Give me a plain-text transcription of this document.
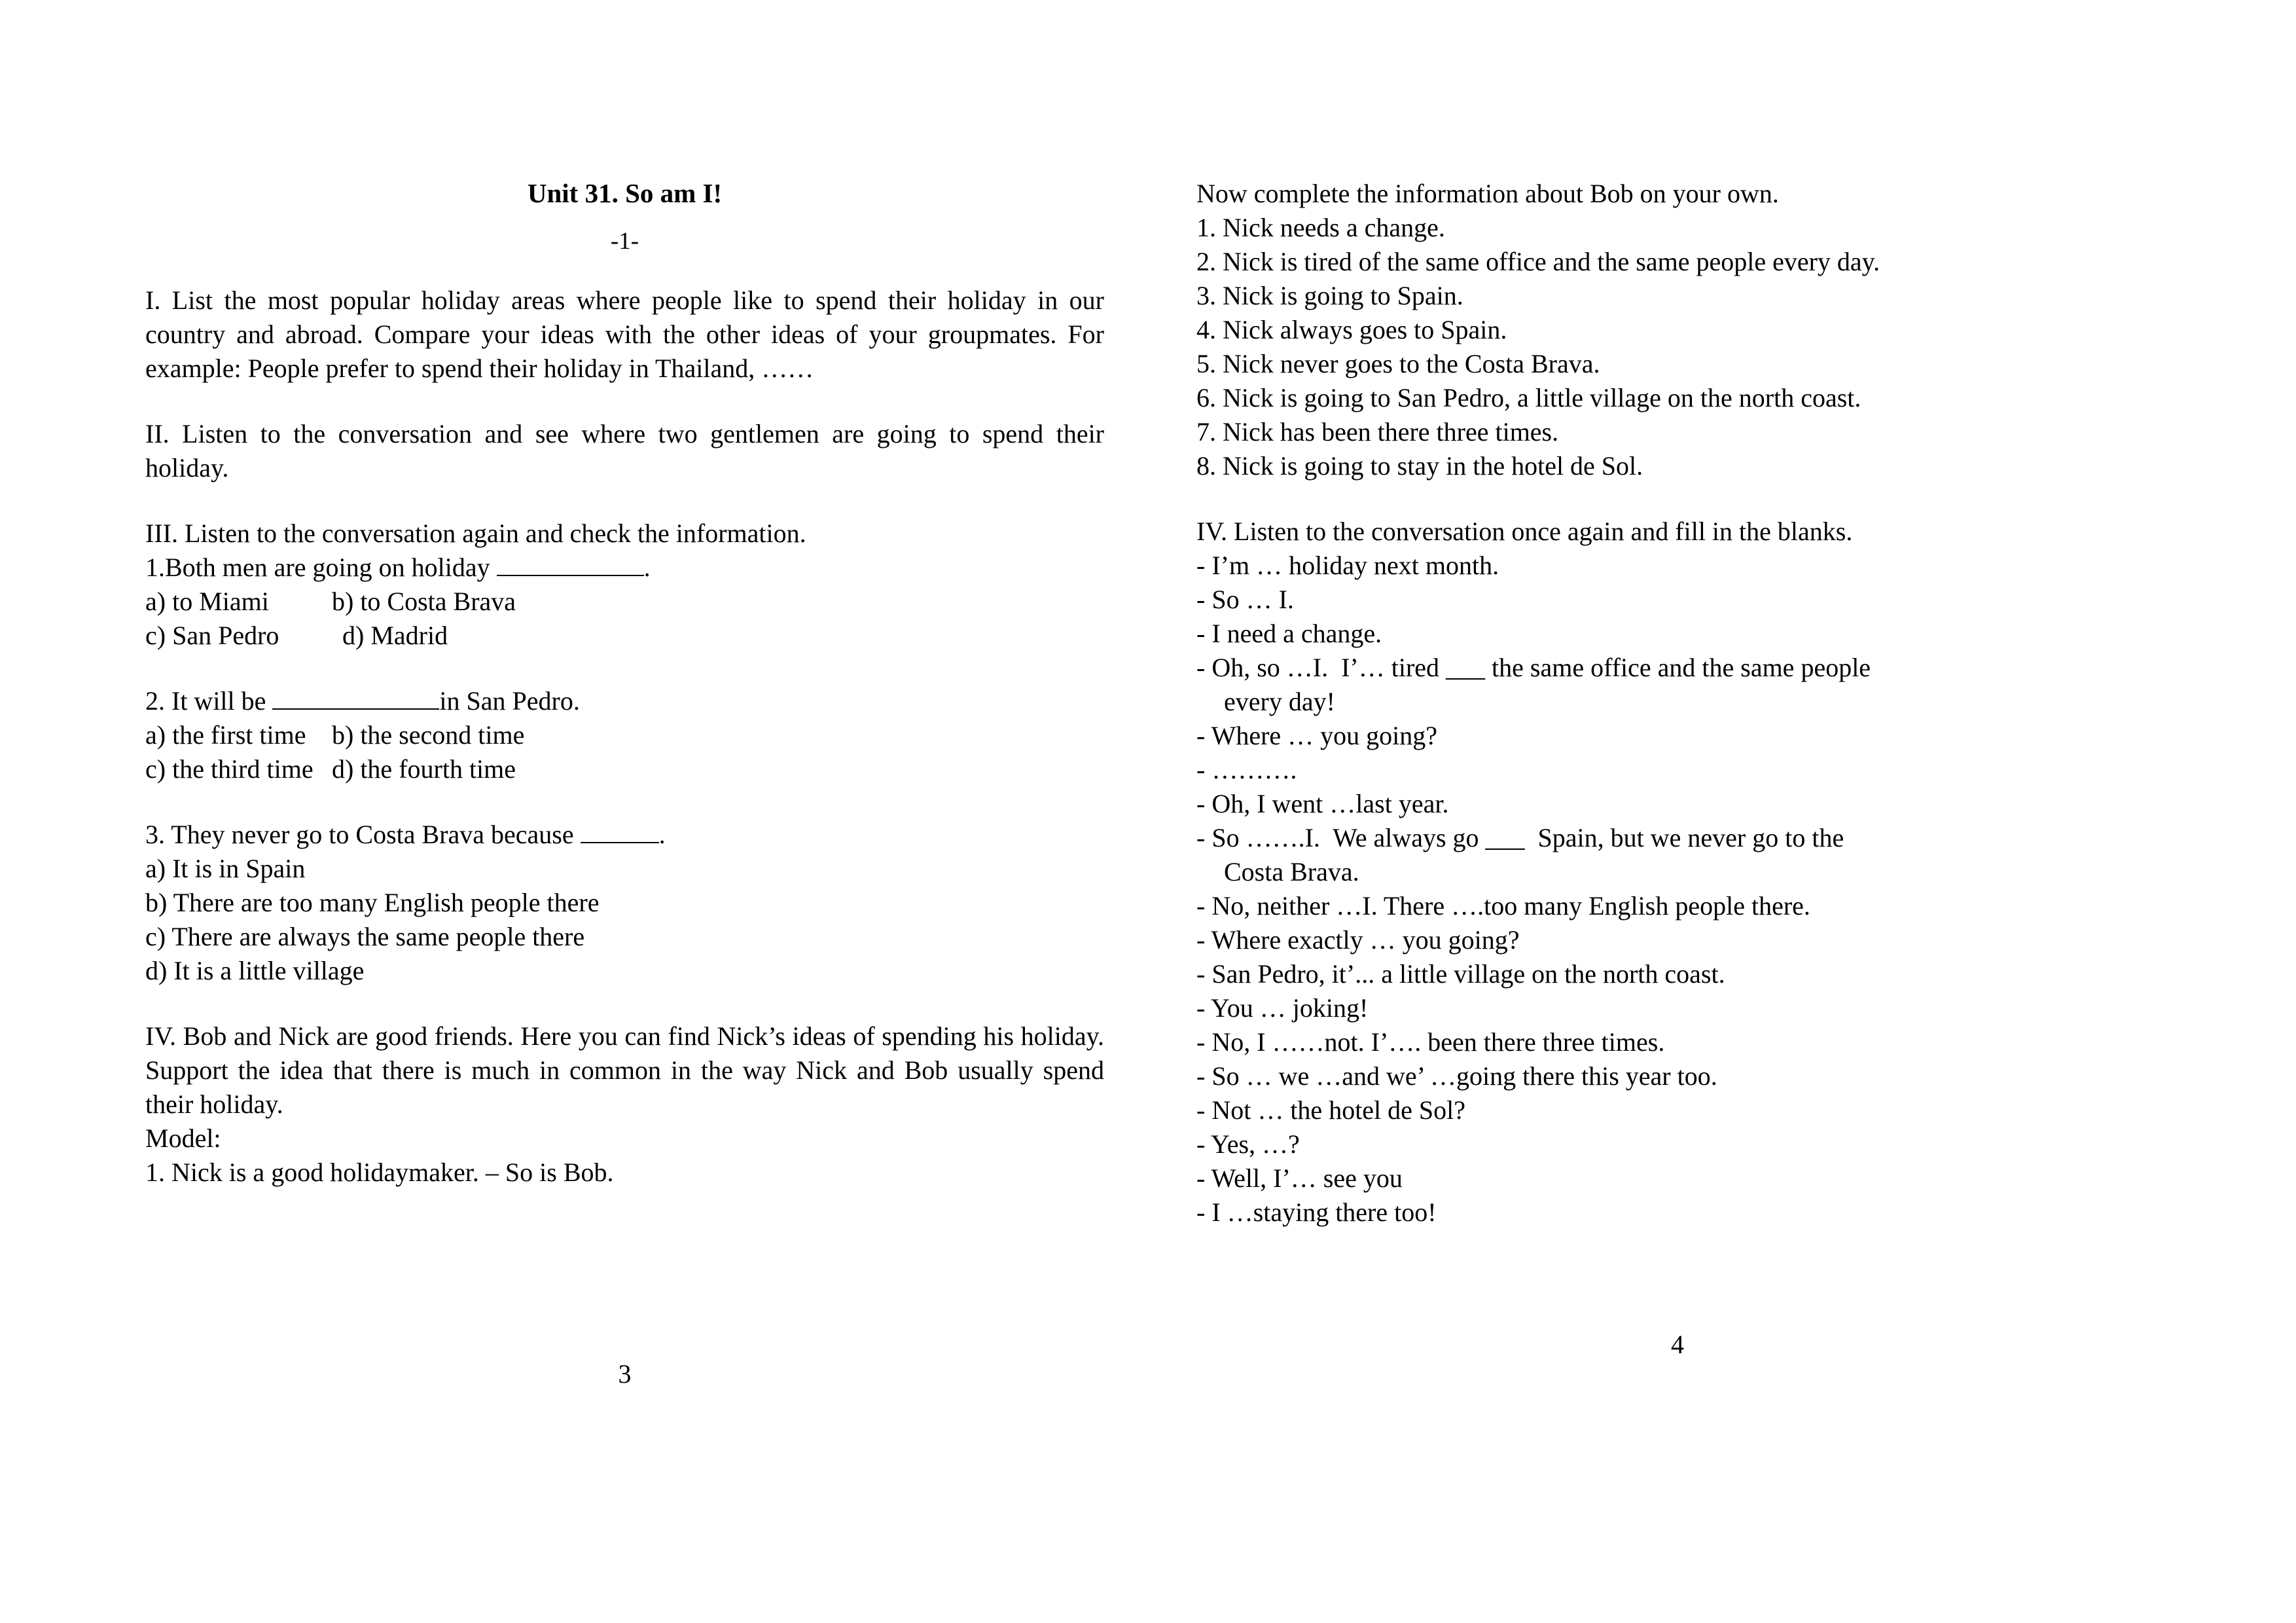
Unit 31. So am I!
-1-

I. List the most popular holiday areas where people like to spend their holiday in our country and abroad. Compare your ideas with the other ideas of your groupmates. For example: People prefer to spend their holiday in Thailand, ……

II. Listen to the conversation and see where two gentlemen are going to spend their holiday.

III. Listen to the conversation again and check the information.
1.Both men are going on holiday	.
a) to Miami	b) to Costa Brava
c) San Pedro	d) Madrid
2. It will be	in San Pedro.
a) the first time b) the second time
c) the third time d) the fourth time
3. They never go to Costa Brava because	.
a) It is in Spain
b) There are too many English people there
c) There are always the same people there
d) It is a little village

IV. Bob and Nick are good friends. Here you can find Nick’s ideas of spending his holiday. Support the idea that there is much in common in the way Nick and Bob usually spend their holiday.

Model:
1. Nick is a good holidaymaker. – So is Bob.
3
Now complete the information about Bob on your own.
1. Nick needs a change.
2. Nick is tired of the same office and the same people every day.
3. Nick is going to Spain.
4. Nick always goes to Spain.
5. Nick never goes to the Costa Brava.
6. Nick is going to San Pedro, a little village on the north coast.
7. Nick has been there three times.
8. Nick is going to stay in the hotel de Sol.
IV. Listen to the conversation once again and fill in the blanks.
- I’m … holiday next month.
- So … I.
- I need a change.
- Oh, so …I.  I’… tired ___ the same office and the same people
every day!
- Where … you going?
- ……….
- Oh, I went …last year.
- So …….I.  We always go ___  Spain, but we never go to the
Costa Brava.
- No, neither …I. There ….too many English people there.
- Where exactly … you going?
- San Pedro, it’... a little village on the north coast.
- You … joking!
- No, I ……not. I’…. been there three times.
- So … we …and we’ …going there this year too.
- Not … the hotel de Sol?
- Yes, …?
- Well, I’… see you
- I …staying there too!
4
